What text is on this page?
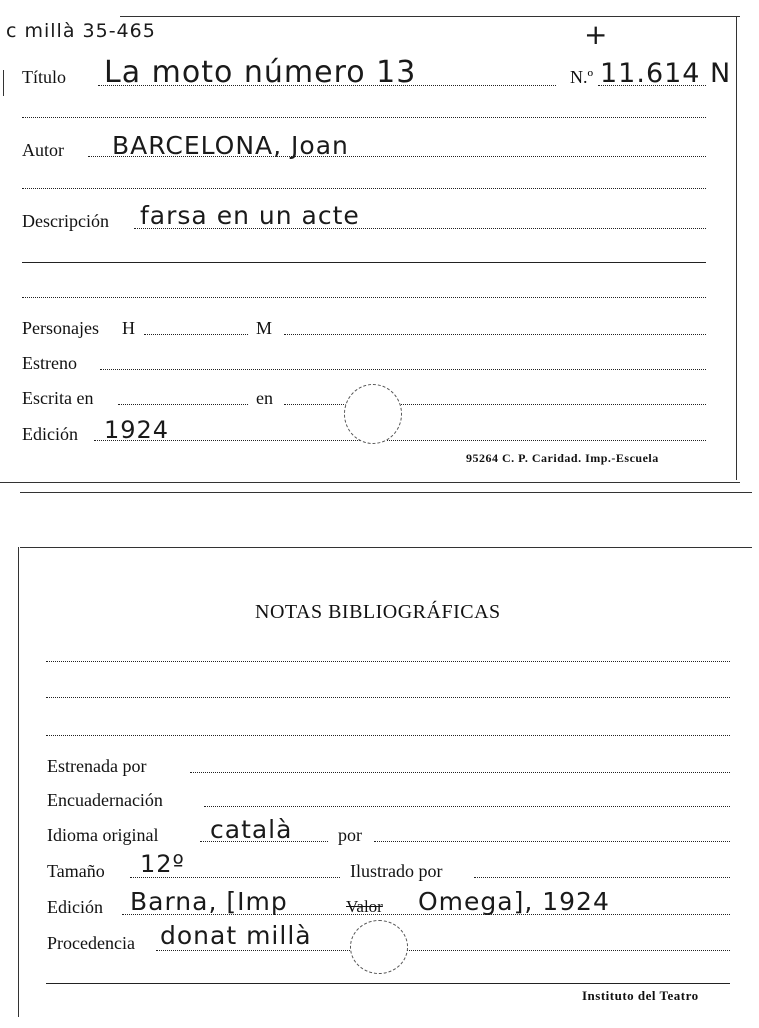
c millà 35-465	+
Título La moto número 13	N.º 11.614 N
Autor BARCELONA, Joan
Descripción farsa en un acte
Personajes H	M
Estreno
Escrita en	en
Edición 1924
95264 C. P. Caridad. Imp.-Escuela
NOTAS BIBLIOGRÁFICAS
Estrenada por
Encuadernación
Idioma original català	por
Tamaño 12º	Ilustrado por
Edición Barna, [Imp	Valor Omega], 1924
Procedencia donat millà
Instituto del Teatro
